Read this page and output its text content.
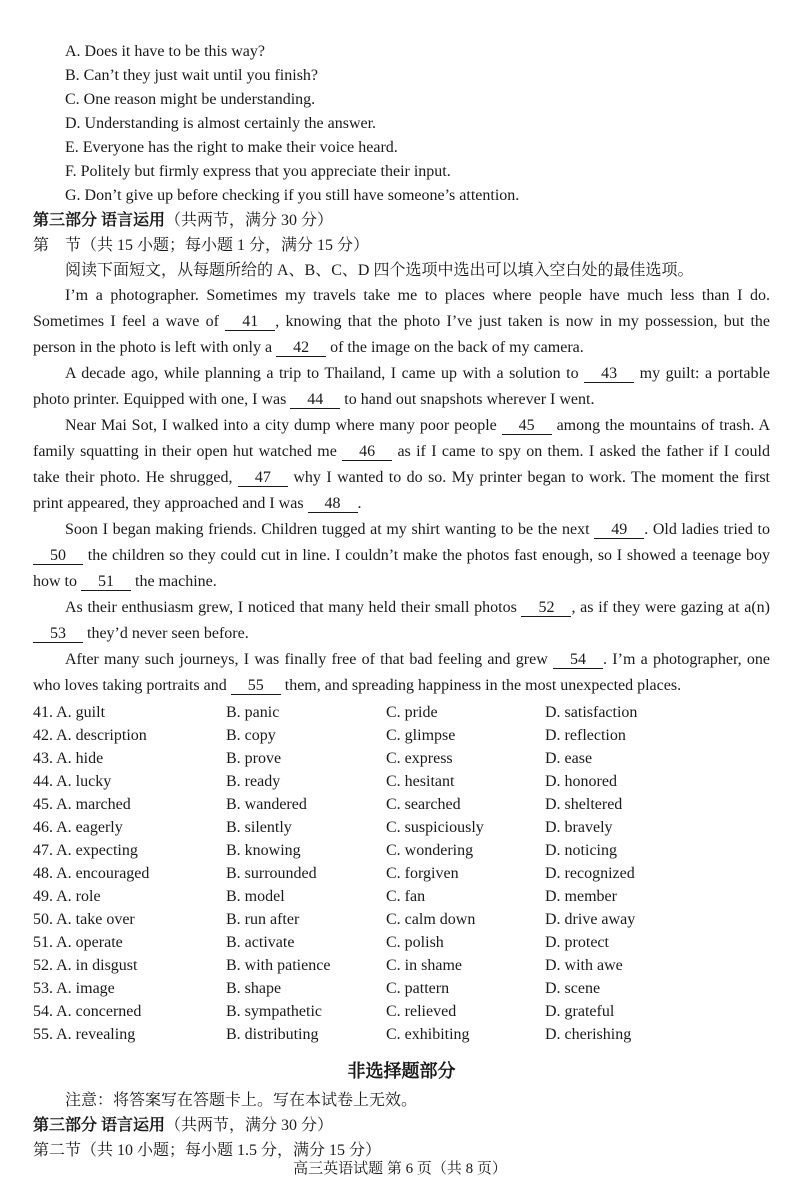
A. Does it have to be this way?
B. Can’t they just wait until you finish?
C. One reason might be understanding.
D. Understanding is almost certainly the answer.
E. Everyone has the right to make their voice heard.
F. Politely but firmly express that you appreciate their input.
G. Don’t give up before checking if you still have someone’s attention.
第三部分 语言运用（共两节，满分 30 分）
第　节（共 15 小题；每小题 1 分，满分 15 分）
阅读下面短文，从每题所给的 A、B、C、D 四个选项中选出可以填入空白处的最佳选项。

I’m a photographer. Sometimes my travels take me to places where people have much less than I do. Sometimes I feel a wave of 41 , knowing that the photo I’ve just taken is now in my possession, but the person in the photo is left with only a 42 of the image on the back of my camera.

A decade ago, while planning a trip to Thailand, I came up with a solution to 43 my guilt: a portable photo printer. Equipped with one, I was 44 to hand out snapshots wherever I went.

Near Mai Sot, I walked into a city dump where many poor people 45 among the mountains of trash. A family squatting in their open hut watched me 46 as if I came to spy on them. I asked the father if I could take their photo. He shrugged, 47 why I wanted to do so. My printer began to work. The moment the first print appeared, they approached and I was 48 .

Soon I began making friends. Children tugged at my shirt wanting to be the next 49 . Old ladies tried to 50 the children so they could cut in line. I couldn’t make the photos fast enough, so I showed a teenage boy how to 51 the machine.

As their enthusiasm grew, I noticed that many held their small photos 52 , as if they were gazing at a(n) 53 they’d never seen before.

After many such journeys, I was finally free of that bad feeling and grew 54 . I’m a photographer, one who loves taking portraits and 55 them, and spreading happiness in the most unexpected places.

41. A. guilt	B. panic	C. pride	D. satisfaction
42. A. description	B. copy	C. glimpse	D. reflection
43. A. hide	B. prove	C. express	D. ease
44. A. lucky	B. ready	C. hesitant	D. honored
45. A. marched	B. wandered	C. searched	D. sheltered
46. A. eagerly	B. silently	C. suspiciously	D. bravely
47. A. expecting	B. knowing	C. wondering	D. noticing
48. A. encouraged	B. surrounded	C. forgiven	D. recognized
49. A. role	B. model	C. fan	D. member
50. A. take over	B. run after	C. calm down	D. drive away
51. A. operate	B. activate	C. polish	D. protect
52. A. in disgust	B. with patience	C. in shame	D. with awe
53. A. image	B. shape	C. pattern	D. scene
54. A. concerned	B. sympathetic	C. relieved	D. grateful
55. A. revealing	B. distributing	C. exhibiting	D. cherishing
非选择题部分
注意：将答案写在答题卡上。写在本试卷上无效。
第三部分 语言运用（共两节，满分 30 分）
第二节（共 10 小题；每小题 1.5 分，满分 15 分）
高三英语试题 第 6 页（共 8 页）
